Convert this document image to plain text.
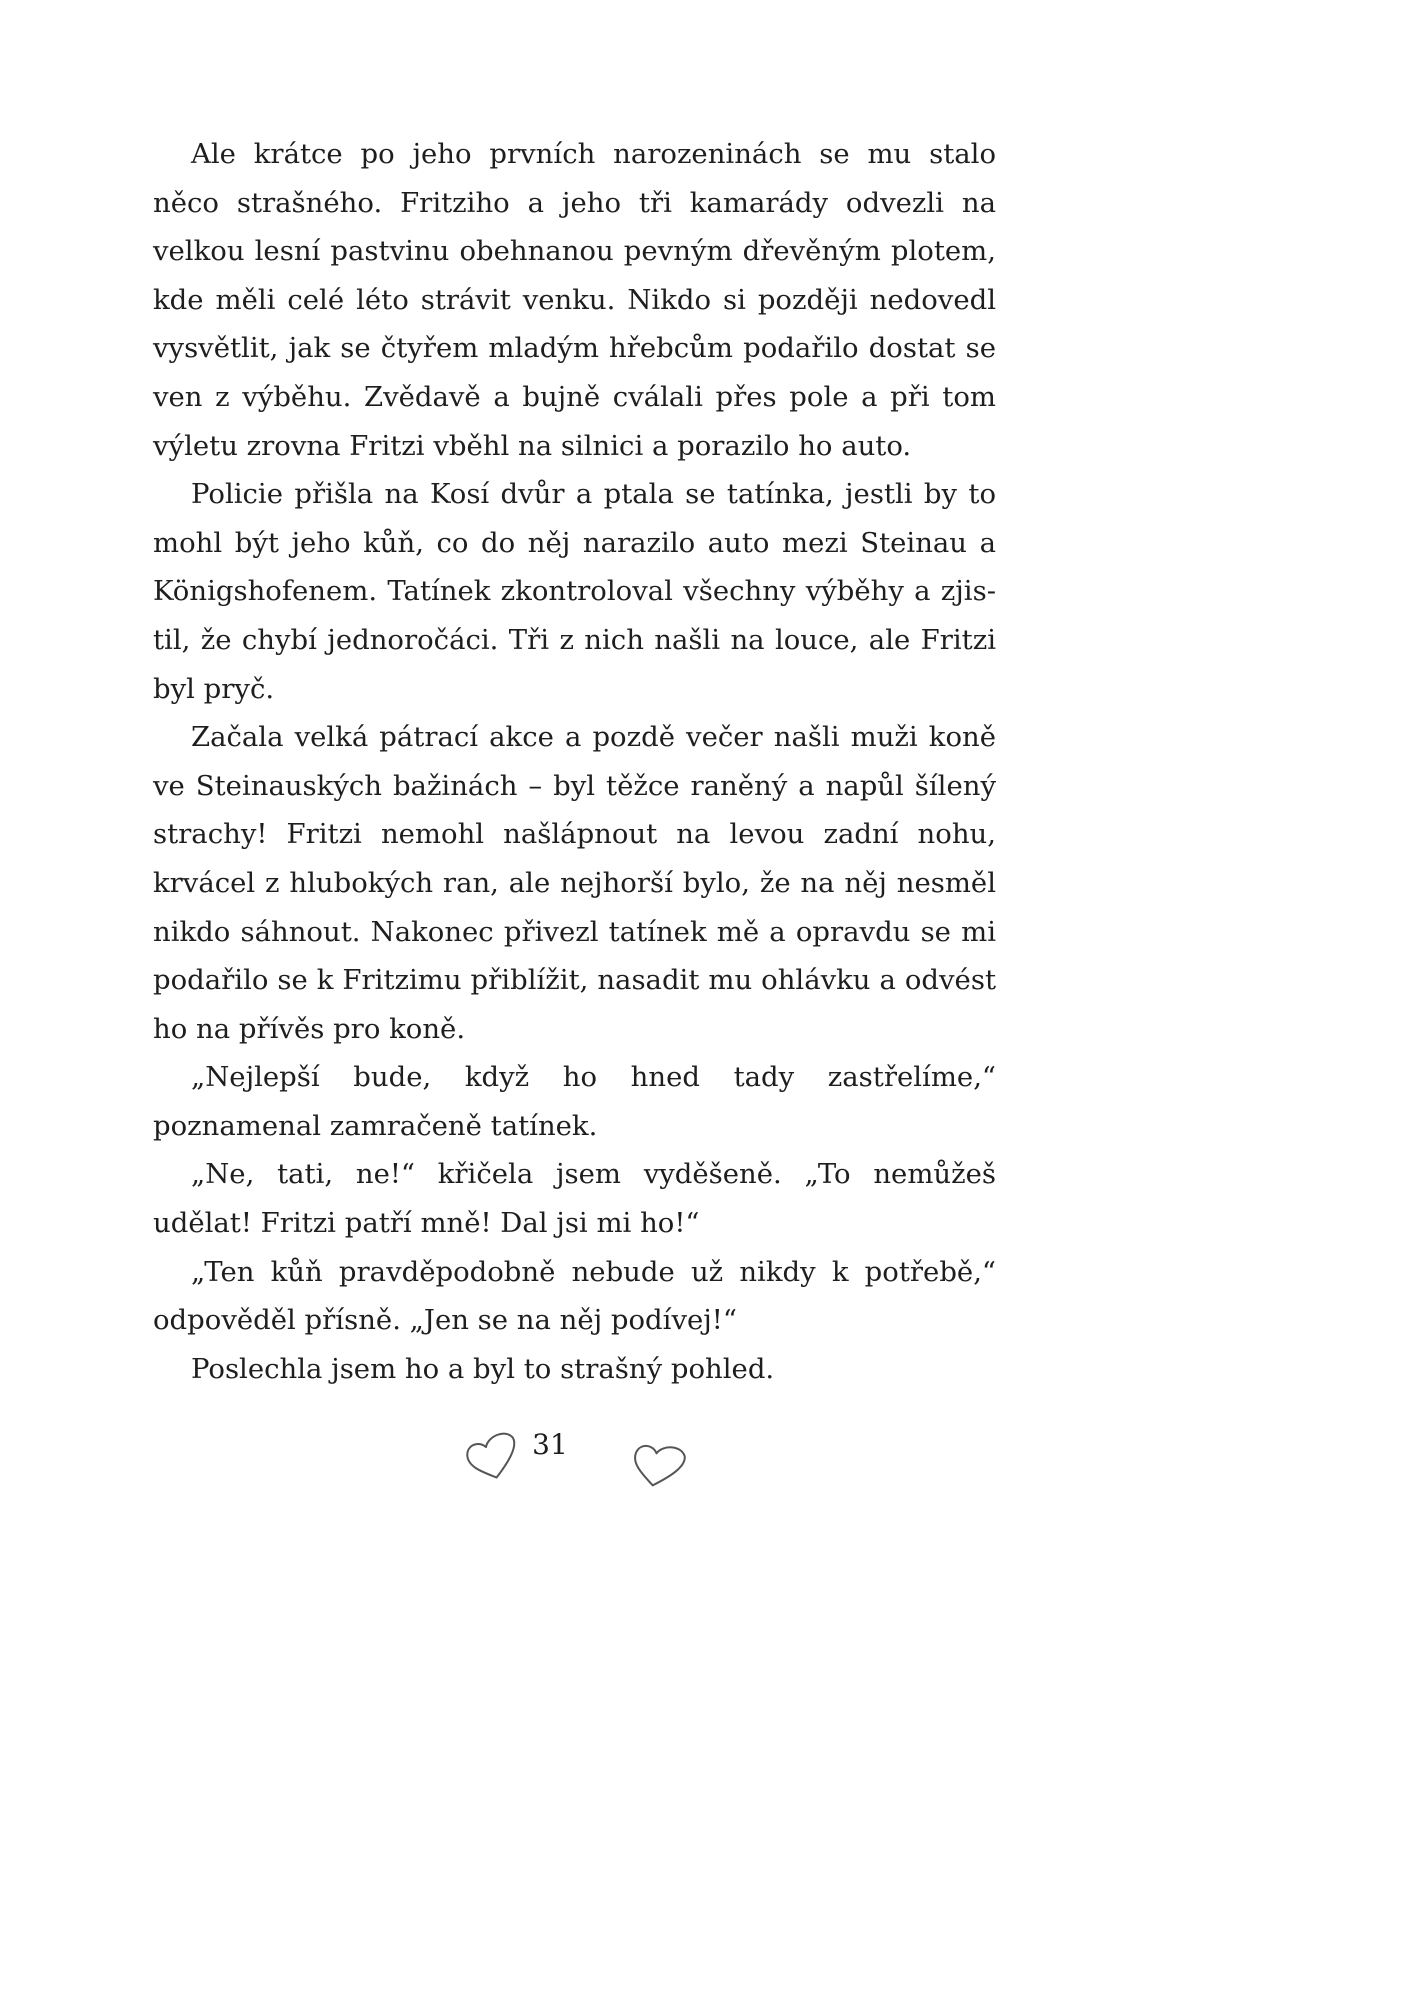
Ale krátce po jeho prvních narozeninách se mu stalo něco strašného. Fritziho a jeho tři kamarády odvezli na velkou lesní pastvinu obehnanou pevným dřevěným plotem, kde měli celé léto strávit venku. Nikdo si později nedovedl vysvětlit, jak se čtyřem mladým hřebcům podařilo dostat se ven z výběhu. Zvědavě a bujně cválali přes pole a při tom výletu zrovna Fritzi vběhl na silnici a porazilo ho auto.

Policie přišla na Kosí dvůr a ptala se tatínka, jestli by to mohl být jeho kůň, co do něj narazilo auto mezi Steinau a Königshofenem. Tatínek zkontroloval všechny výběhy a zjistil, že chybí jednoročáci. Tři z nich našli na louce, ale Fritzi byl pryč.

Začala velká pátrací akce a pozdě večer našli muži koně ve Steinauských bažinách – byl těžce raněný a napůl šílený strachy! Fritzi nemohl našlápnout na levou zadní nohu, krvácel z hlubokých ran, ale nejhorší bylo, že na něj nesměl nikdo sáhnout. Nakonec přivezl tatínek mě a opravdu se mi podařilo se k Fritzimu přiblížit, nasadit mu ohlávku a odvést ho na přívěs pro koně.

„Nejlepší bude, když ho hned tady zastřelíme,“ poznamenal zamračeně tatínek.

„Ne, tati, ne!“ křičela jsem vyděšeně. „To nemůžeš udělat! Fritzi patří mně! Dal jsi mi ho!“

„Ten kůň pravděpodobně nebude už nikdy k potřebě,“ odpověděl přísně. „Jen se na něj podívej!“

Poslechla jsem ho a byl to strašný pohled.

31
